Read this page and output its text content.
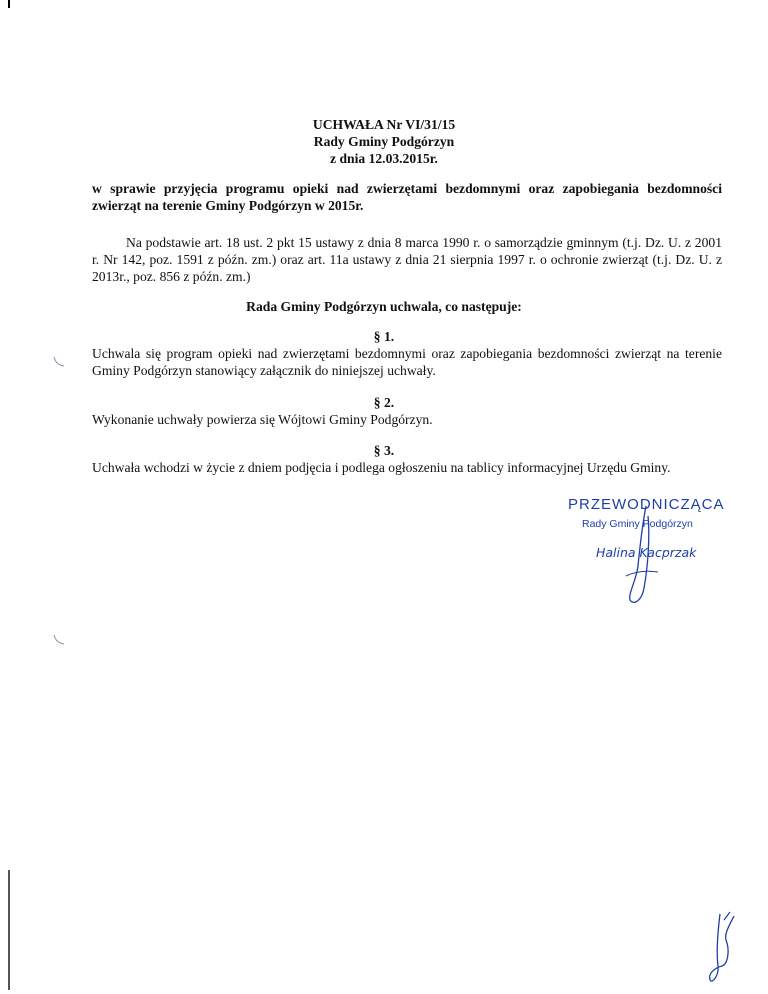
UCHWAŁA Nr VI/31/15
Rady Gminy Podgórzyn
z dnia 12.03.2015r.
w sprawie przyjęcia programu opieki nad zwierzętami bezdomnymi oraz zapobiegania bezdomności zwierząt na terenie Gminy Podgórzyn w 2015r.
Na podstawie art. 18 ust. 2 pkt 15 ustawy z dnia 8 marca 1990 r. o samorządzie gminnym (t.j. Dz. U. z 2001 r. Nr 142, poz. 1591 z późn. zm.) oraz art. 11a ustawy z dnia 21 sierpnia 1997 r. o ochronie zwierząt (t.j. Dz. U. z 2013r., poz. 856 z późn. zm.)
Rada Gminy Podgórzyn uchwala, co następuje:
§ 1.
Uchwala się program opieki nad zwierzętami bezdomnymi oraz zapobiegania bezdomności zwierząt na terenie Gminy Podgórzyn stanowiący załącznik do niniejszej uchwały.
§ 2.
Wykonanie uchwały powierza się Wójtowi Gminy Podgórzyn.
§ 3.
Uchwała wchodzi w życie z dniem podjęcia i podlega ogłoszeniu na tablicy informacyjnej Urzędu Gminy.
PRZEWODNICZĄCA
Rady Gminy Podgórzyn
Halina Kacprzak
